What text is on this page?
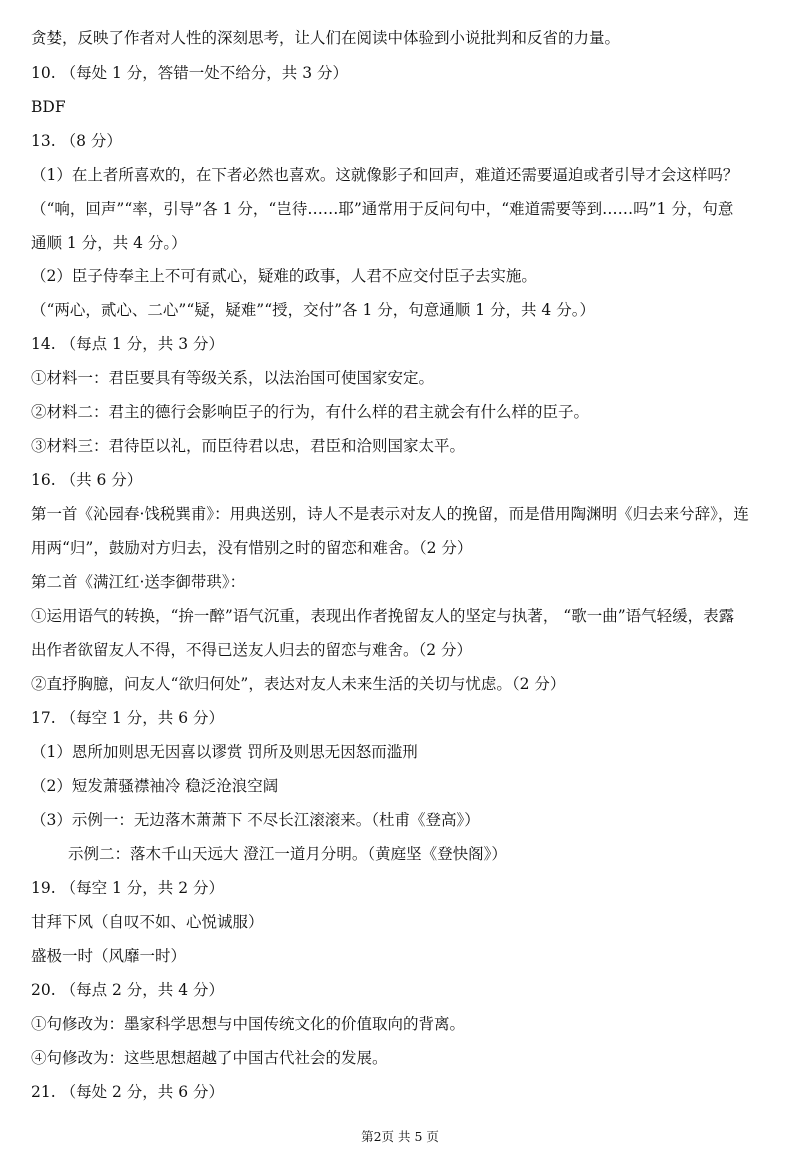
贪婪，反映了作者对人性的深刻思考，让人们在阅读中体验到小说批判和反省的力量。
10. （每处 1 分，答错一处不给分，共 3 分）
BDF
13. （8 分）
（1）在上者所喜欢的，在下者必然也喜欢。这就像影子和回声，难道还需要逼迫或者引导才会这样吗？
（“响，回声”“率，引导”各 1 分，“岂待……耶”通常用于反问句中，“难道需要等到……吗”1 分，句意
通顺 1 分，共 4 分。）
（2）臣子侍奉主上不可有贰心，疑难的政事，人君不应交付臣子去实施。
（“两心，贰心、二心”“疑，疑难”“授，交付”各 1 分，句意通顺 1 分，共 4 分。）
14. （每点 1 分，共 3 分）
①材料一：君臣要具有等级关系，以法治国可使国家安定。
②材料二：君主的德行会影响臣子的行为，有什么样的君主就会有什么样的臣子。
③材料三：君待臣以礼，而臣待君以忠，君臣和洽则国家太平。
16. （共 6 分）
第一首《沁园春·饯税巽甫》：用典送别，诗人不是表示对友人的挽留，而是借用陶渊明《归去来兮辞》，连
用两“归”，鼓励对方归去，没有惜别之时的留恋和难舍。（2 分）
第二首《满江红·送李御带珙》：
①运用语气的转换，“拚一醉”语气沉重，表现出作者挽留友人的坚定与执著， “歌一曲”语气轻缓，表露
出作者欲留友人不得，不得已送友人归去的留恋与难舍。（2 分）
②直抒胸臆，问友人“欲归何处”，表达对友人未来生活的关切与忧虑。（2 分）
17. （每空 1 分，共 6 分）
（1）恩所加则思无因喜以谬赏 罚所及则思无因怒而滥刑
（2）短发萧骚襟袖冷 稳泛沧浪空阔
（3）示例一：无边落木萧萧下 不尽长江滚滚来。（杜甫《登高》）
示例二：落木千山天远大 澄江一道月分明。（黄庭坚《登快阁》）
19. （每空 1 分，共 2 分）
甘拜下风（自叹不如、心悦诚服）
盛极一时（风靡一时）
20. （每点 2 分，共 4 分）
①句修改为：墨家科学思想与中国传统文化的价值取向的背离。
④句修改为：这些思想超越了中国古代社会的发展。
21. （每处 2 分，共 6 分）
第2页 共 5 页
